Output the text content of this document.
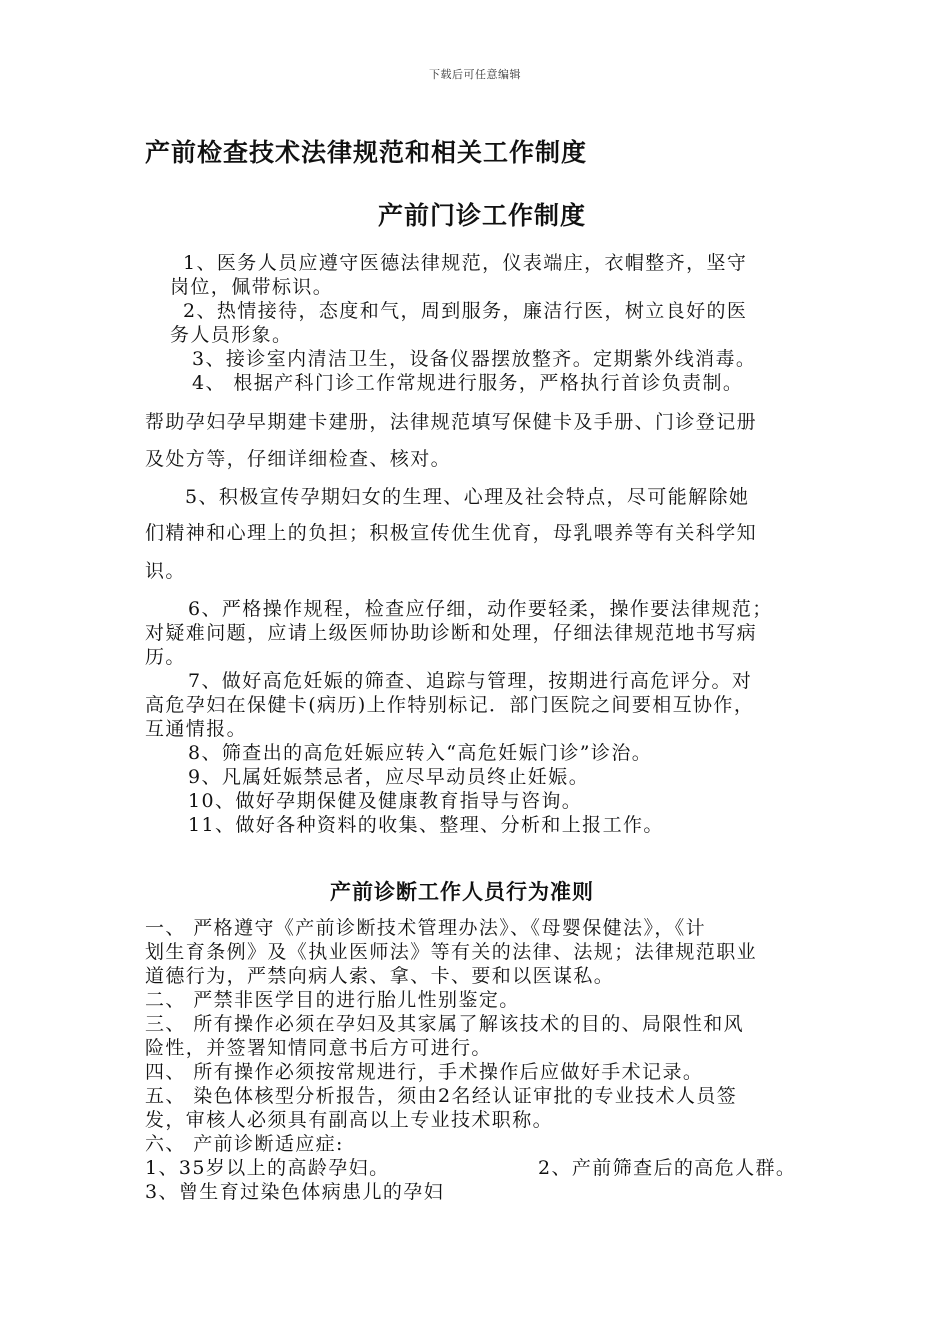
下载后可任意编辑
产前检查技术法律规范和相关工作制度
产前门诊工作制度
1、医务人员应遵守医德法律规范，仪表端庄，衣帽整齐，坚守
岗位，佩带标识。
2、热情接待，态度和气，周到服务，廉洁行医，树立良好的医
务人员形象。
3、接诊室内清洁卫生，设备仪器摆放整齐。定期紫外线消毒。
4、 根据产科门诊工作常规进行服务，严格执行首诊负责制。
帮助孕妇孕早期建卡建册，法律规范填写保健卡及手册、门诊登记册
及处方等，仔细详细检查、核对。
5、积极宣传孕期妇女的生理、心理及社会特点，尽可能解除她
们精神和心理上的负担；积极宣传优生优育，母乳喂养等有关科学知
识。
6、严格操作规程，检查应仔细，动作要轻柔，操作要法律规范；
对疑难问题，应请上级医师协助诊断和处理，仔细法律规范地书写病
历。
7、做好高危妊娠的筛查、追踪与管理，按期进行高危评分。对
高危孕妇在保健卡(病历)上作特别标记．部门医院之间要相互协作，
互通情报。
8、筛查出的高危妊娠应转入“高危妊娠门诊”诊治。
9、凡属妊娠禁忌者，应尽早动员终止妊娠。
10、做好孕期保健及健康教育指导与咨询。
11、做好各种资料的收集、整理、分析和上报工作。
产前诊断工作人员行为准则
一、 严格遵守《产前诊断技术管理办法》、《母婴保健法》，《计
划生育条例》及《执业医师法》等有关的法律、法规；法律规范职业
道德行为，严禁向病人索、拿、卡、要和以医谋私。
二、 严禁非医学目的进行胎儿性别鉴定。
三、 所有操作必须在孕妇及其家属了解该技术的目的、局限性和风
险性，并签署知情同意书后方可进行。
四、 所有操作必须按常规进行，手术操作后应做好手术记录。
五、 染色体核型分析报告，须由2名经认证审批的专业技术人员签
发，审核人必须具有副高以上专业技术职称。
六、 产前诊断适应症:
1、35岁以上的高龄孕妇。	2、产前筛查后的高危人群。
3、曾生育过染色体病患儿的孕妇
